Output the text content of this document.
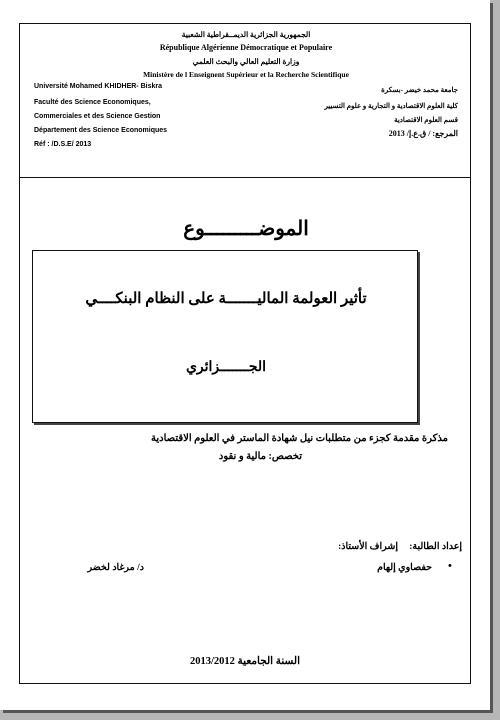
الجمهورية الجزائرية الديمــقراطية الشعبية
République Algérienne Démocratique et Populaire
وزارة التعليم العالي والبحث العلمي
Ministère de l Enseignent Supérieur et la Recherche Scientifique
Université Mohamed KHIDHER- Biskra
Faculté des Science Economiques,
Commerciales et des Science Gestion
Département des Science Economiques
Réf : /D.S.E/ 2013
جامعة محمد خيضر -بسكرة
كلية العلوم الاقتصادية و التجارية و علوم التسيير
قسم العلوم الاقتصادية
المرجع: / ق.ع.إ/ 2013
الموضـــــــــوع
تأثير العولمة الماليـــــــة على النظام البنكــــي
الجـــــــزائري
مذكرة مقدمة كجزء من متطلبات نيل شهادة الماستر في العلوم الاقتصادية
تخصص: مالية و نقود
إعداد الطالبة:
إشراف الأستاذ:
•
حفصاوي إلهام
د/ مرغاد لخضر
السنة الجامعية 2013/2012
